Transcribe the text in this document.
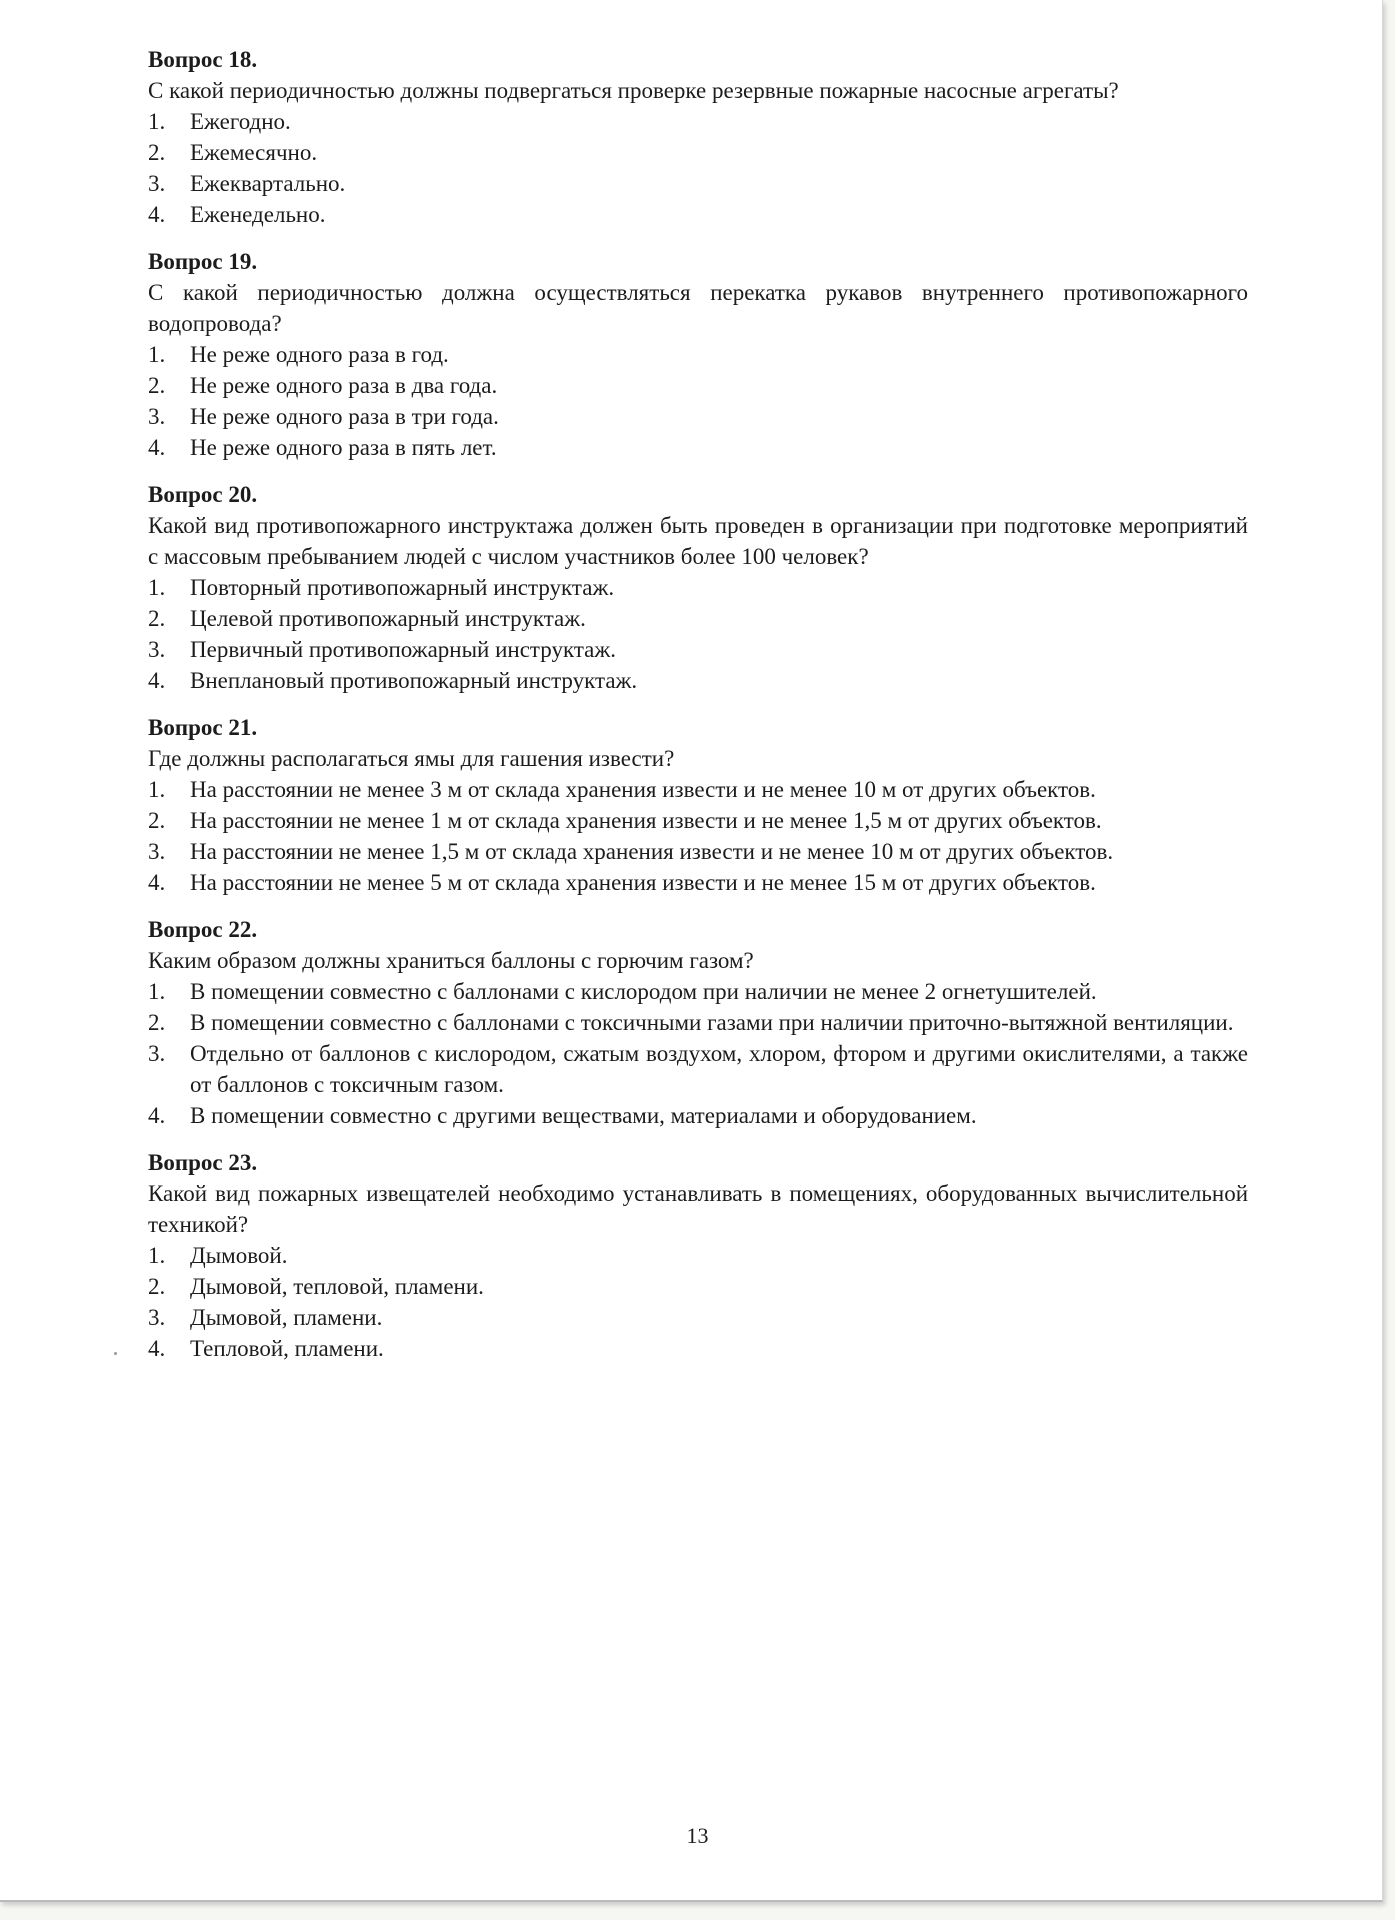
Вопрос 18.
С какой периодичностью должны подвергаться проверке резервные пожарные насосные агрегаты?
1.	Ежегодно.
2.	Ежемесячно.
3.	Ежеквартально.
4.	Еженедельно.
Вопрос 19.
С какой периодичностью должна осуществляться перекатка рукавов внутреннего противопожарного водопровода?
1.	Не реже одного раза в год.
2.	Не реже одного раза в два года.
3.	Не реже одного раза в три года.
4.	Не реже одного раза в пять лет.
Вопрос 20.
Какой вид противопожарного инструктажа должен быть проведен в организации при подготовке мероприятий с массовым пребыванием людей с числом участников более 100 человек?
1.	Повторный противопожарный инструктаж.
2.	Целевой противопожарный инструктаж.
3.	Первичный противопожарный инструктаж.
4.	Внеплановый противопожарный инструктаж.
Вопрос 21.
Где должны располагаться ямы для гашения извести?
1.	На расстоянии не менее 3 м от склада хранения извести и не менее 10 м от других объектов.
2.	На расстоянии не менее 1 м от склада хранения извести и не менее 1,5 м от других объектов.
3.	На расстоянии не менее 1,5 м от склада хранения извести и не менее 10 м от других объектов.
4.	На расстоянии не менее 5 м от склада хранения извести и не менее 15 м от других объектов.
Вопрос 22.
Каким образом должны храниться баллоны с горючим газом?
1.	В помещении совместно с баллонами с кислородом при наличии не менее 2 огнетушителей.
2.	В помещении совместно с баллонами с токсичными газами при наличии приточно-вытяжной вентиляции.
3.	Отдельно от баллонов с кислородом, сжатым воздухом, хлором, фтором и другими окислителями, а также от баллонов с токсичным газом.
4.	В помещении совместно с другими веществами, материалами и оборудованием.
Вопрос 23.
Какой вид пожарных извещателей необходимо устанавливать в помещениях, оборудованных вычислительной техникой?
1.	Дымовой.
2.	Дымовой, тепловой, пламени.
3.	Дымовой, пламени.
4.	Тепловой, пламени.
13
